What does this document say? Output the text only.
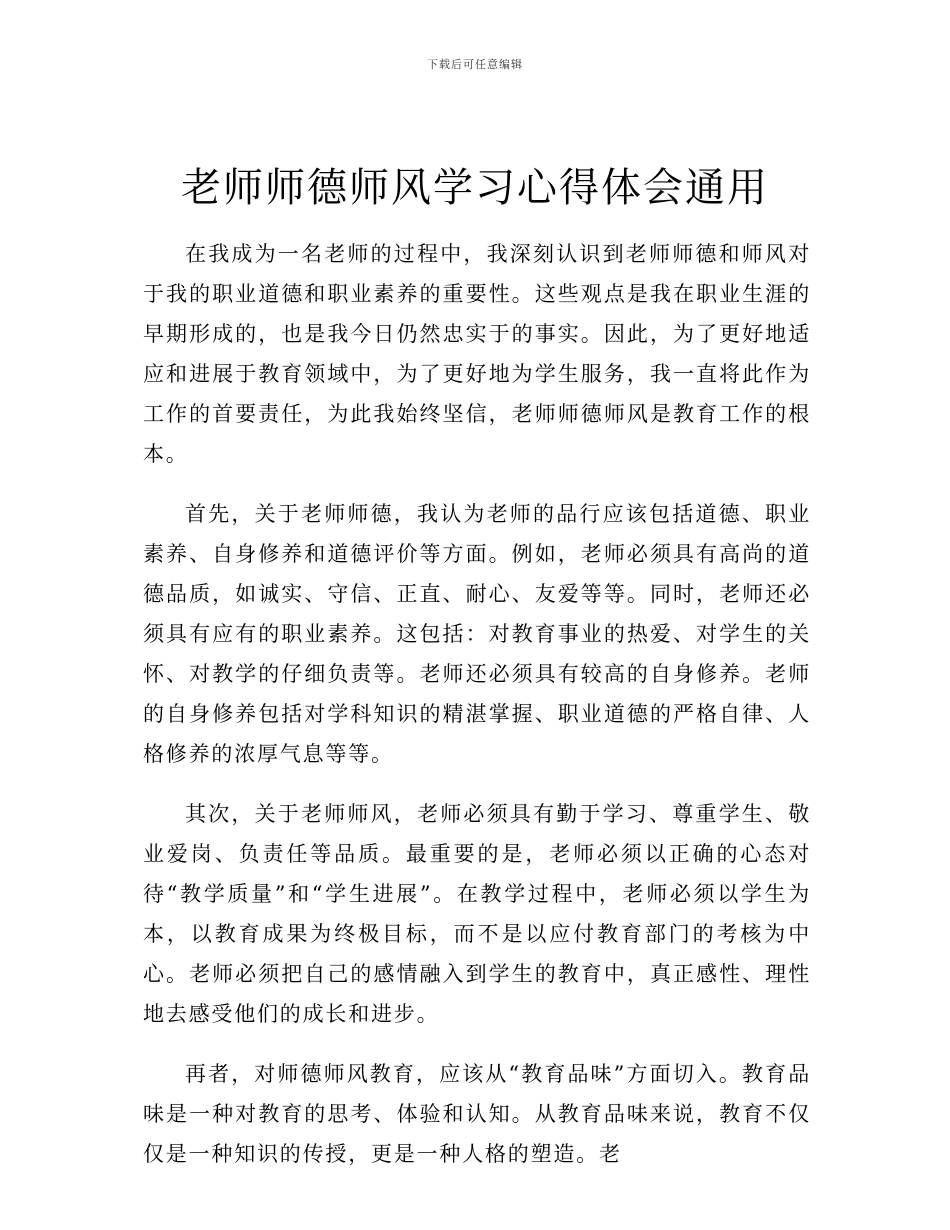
下载后可任意编辑
老师师德师风学习心得体会通用

在我成为一名老师的过程中，我深刻认识到老师师德和师风对于我的职业道德和职业素养的重要性。这些观点是我在职业生涯的早期形成的，也是我今日仍然忠实于的事实。因此，为了更好地适应和进展于教育领域中，为了更好地为学生服务，我一直将此作为工作的首要责任，为此我始终坚信，老师师德师风是教育工作的根本。

首先，关于老师师德，我认为老师的品行应该包括道德、职业素养、自身修养和道德评价等方面。例如，老师必须具有高尚的道德品质，如诚实、守信、正直、耐心、友爱等等。同时，老师还必须具有应有的职业素养。这包括：对教育事业的热爱、对学生的关怀、对教学的仔细负责等。老师还必须具有较高的自身修养。老师的自身修养包括对学科知识的精湛掌握、职业道德的严格自律、人格修养的浓厚气息等等。

其次，关于老师师风，老师必须具有勤于学习、尊重学生、敬业爱岗、负责任等品质。最重要的是，老师必须以正确的心态对待“教学质量”和“学生进展”。在教学过程中，老师必须以学生为本，以教育成果为终极目标，而不是以应付教育部门的考核为中心。老师必须把自己的感情融入到学生的教育中，真正感性、理性地去感受他们的成长和进步。

再者，对师德师风教育，应该从“教育品味”方面切入。教育品味是一种对教育的思考、体验和认知。从教育品味来说，教育不仅仅是一种知识的传授，更是一种人格的塑造。老
